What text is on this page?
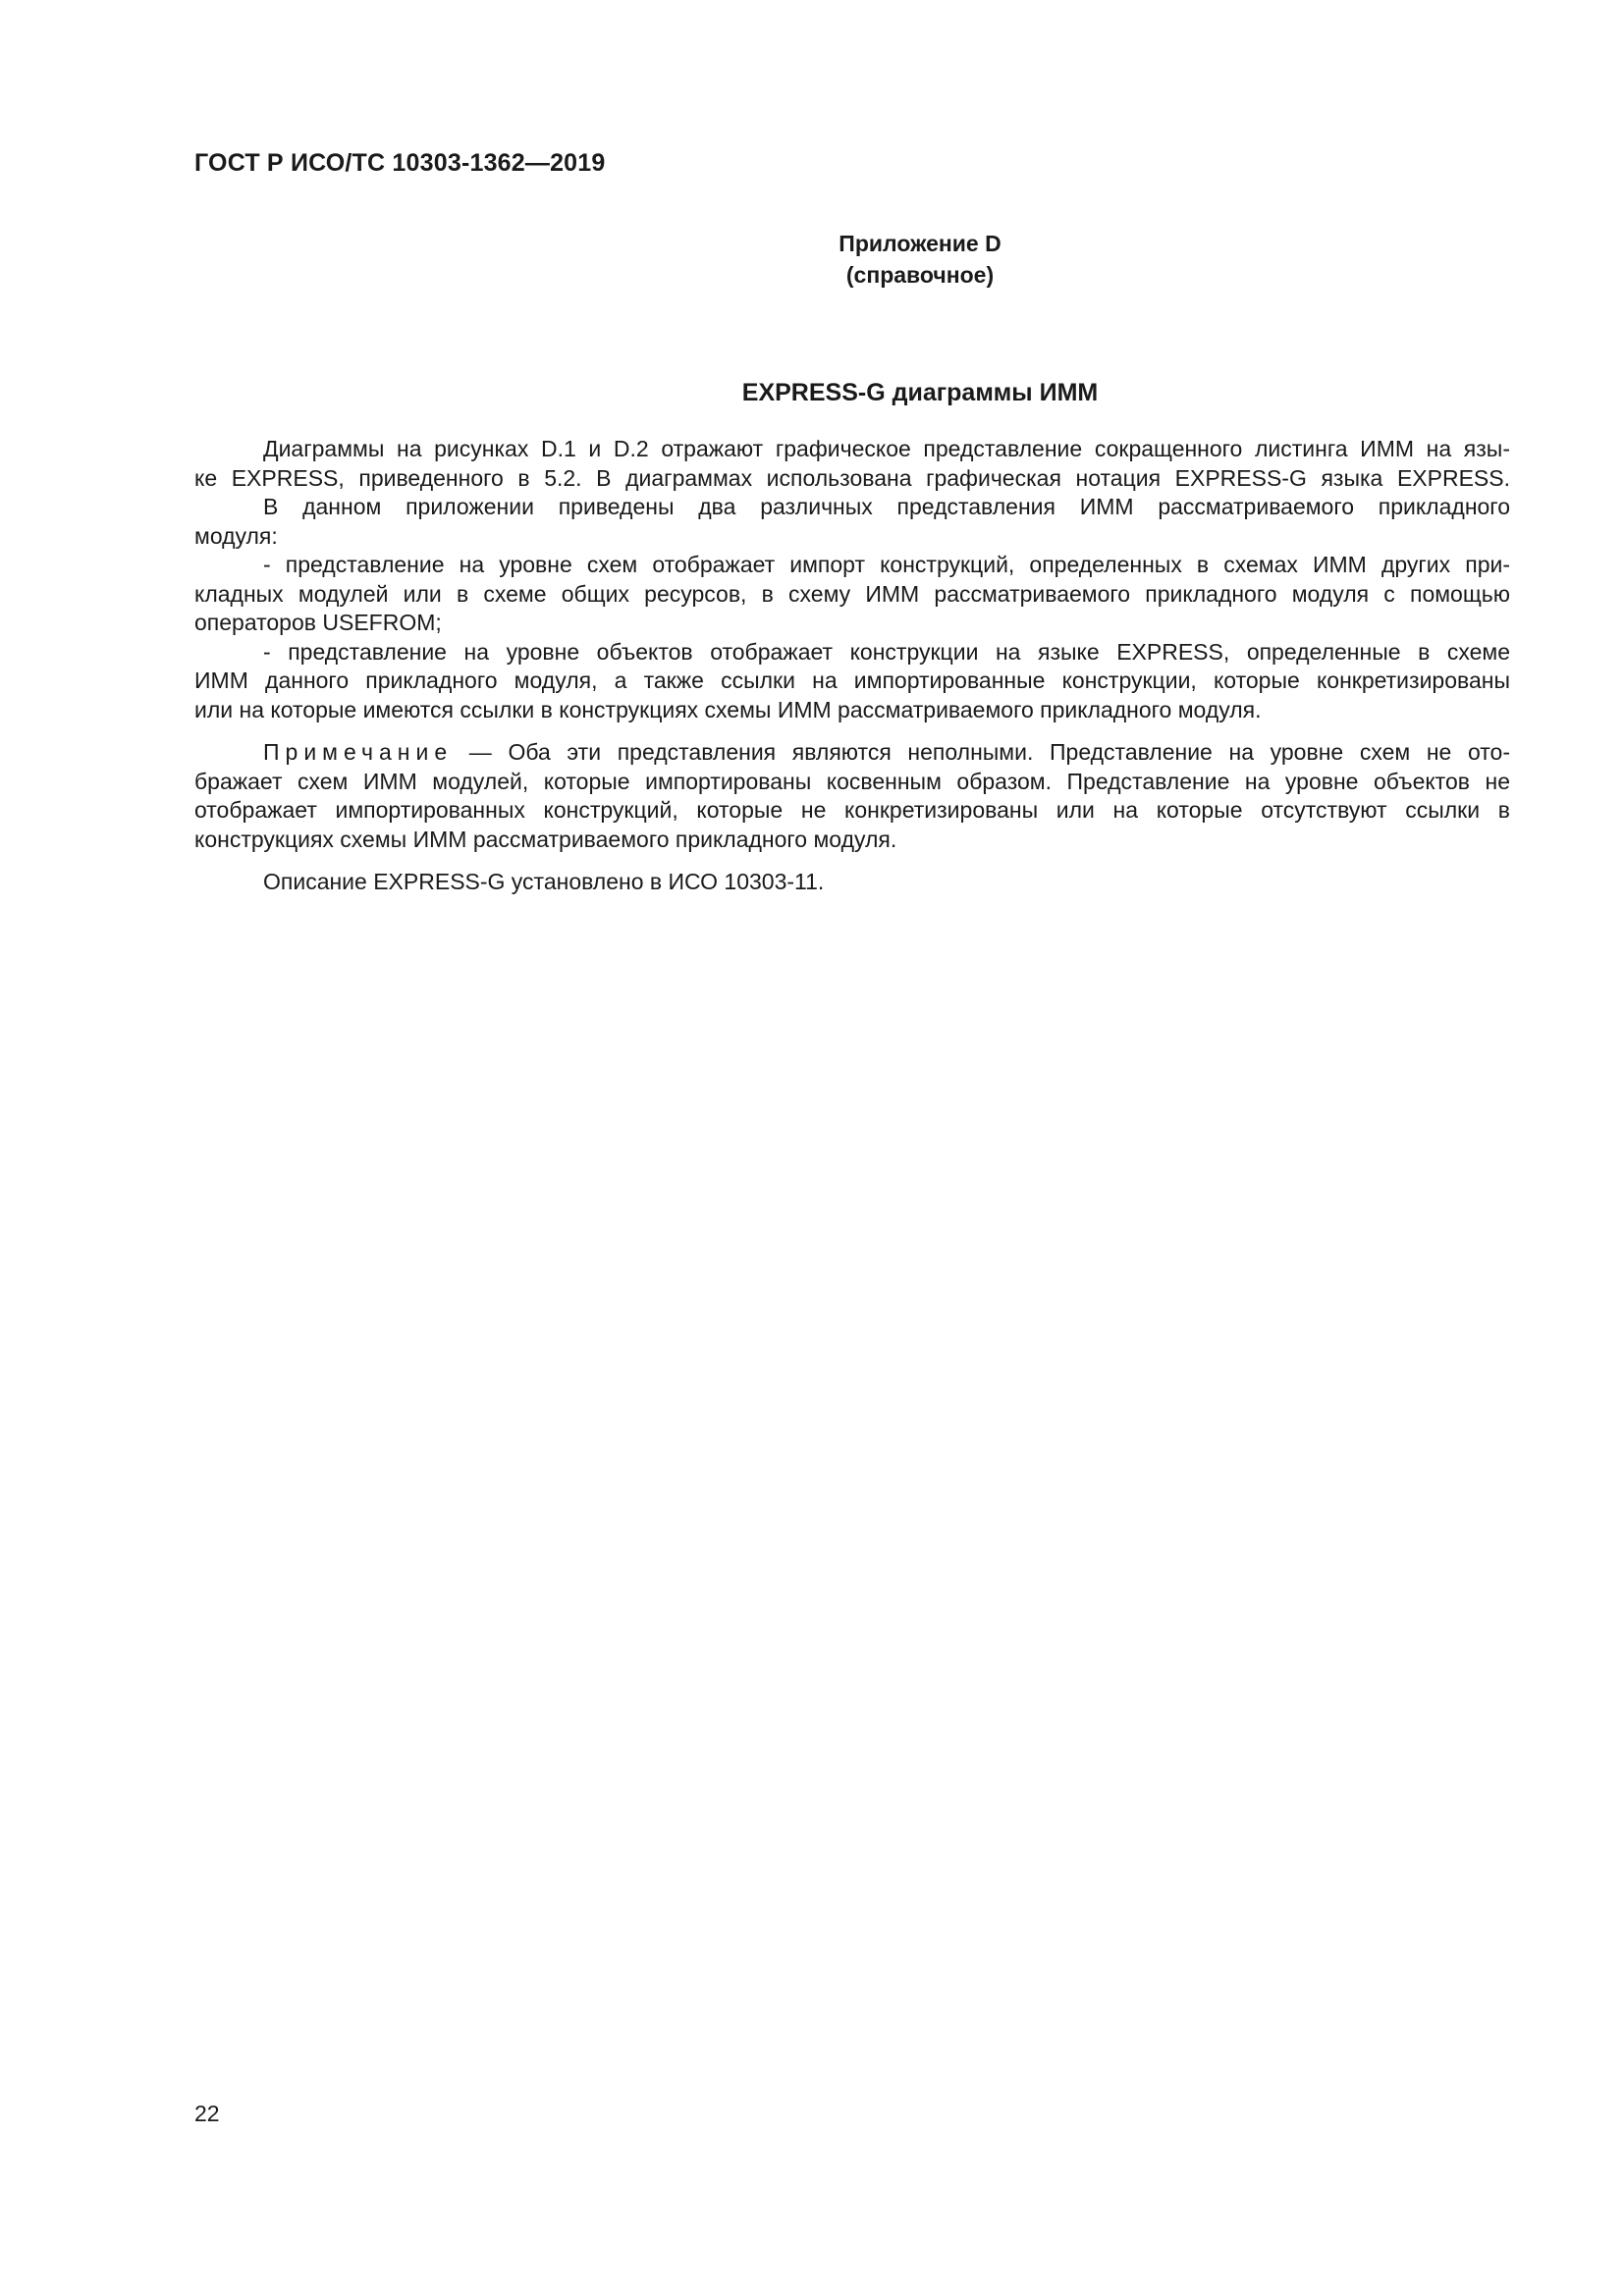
ГОСТ Р ИСО/ТС 10303-1362—2019
Приложение D
(справочное)
EXPRESS-G диаграммы ИММ
Диаграммы на рисунках D.1 и D.2 отражают графическое представление сокращенного листинга ИММ на язы-
ке EXPRESS, приведенного в 5.2. В диаграммах использована графическая нотация EXPRESS-G языка EXPRESS.
В данном приложении приведены два различных представления ИММ рассматриваемого прикладного
модуля:
- представление на уровне схем отображает импорт конструкций, определенных в схемах ИММ других при-
кладных модулей или в схеме общих ресурсов, в схему ИММ рассматриваемого прикладного модуля с помощью
операторов USEFROM;
- представление на уровне объектов отображает конструкции на языке EXPRESS, определенные в схеме
ИММ данного прикладного модуля, а также ссылки на импортированные конструкции, которые конкретизированы
или на которые имеются ссылки в конструкциях схемы ИММ рассматриваемого прикладного модуля.
Примечание — Оба эти представления являются неполными. Представление на уровне схем не ото-
бражает схем ИММ модулей, которые импортированы косвенным образом. Представление на уровне объектов не
отображает импортированных конструкций, которые не конкретизированы или на которые отсутствуют ссылки в
конструкциях схемы ИММ рассматриваемого прикладного модуля.
Описание EXPRESS-G установлено в ИСО 10303-11.
22
